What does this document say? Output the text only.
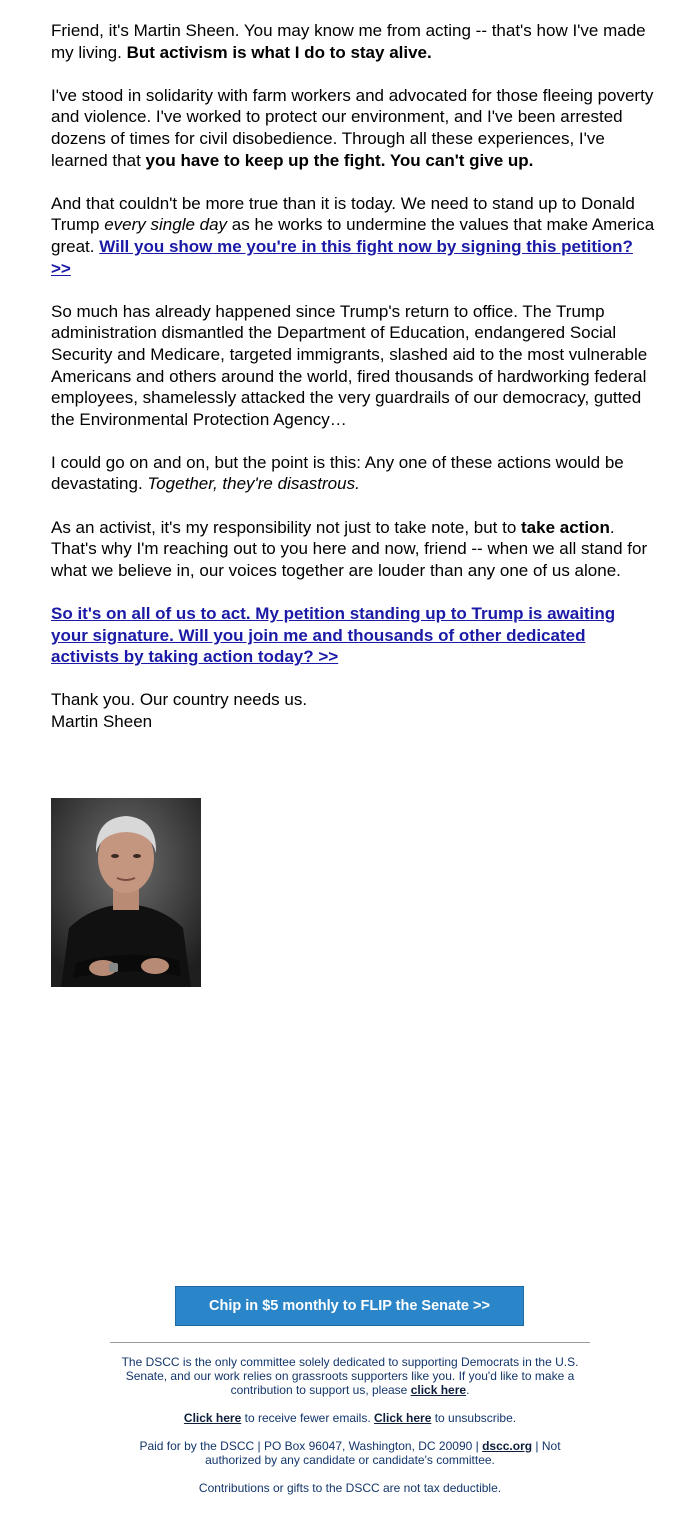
Friend, it's Martin Sheen. You may know me from acting -- that's how I've made my living. But activism is what I do to stay alive.

I've stood in solidarity with farm workers and advocated for those fleeing poverty and violence. I've worked to protect our environment, and I've been arrested dozens of times for civil disobedience. Through all these experiences, I've learned that you have to keep up the fight. You can't give up.

And that couldn't be more true than it is today. We need to stand up to Donald Trump every single day as he works to undermine the values that make America great. Will you show me you're in this fight now by signing this petition? >>

So much has already happened since Trump's return to office. The Trump administration dismantled the Department of Education, endangered Social Security and Medicare, targeted immigrants, slashed aid to the most vulnerable Americans and others around the world, fired thousands of hardworking federal employees, shamelessly attacked the very guardrails of our democracy, gutted the Environmental Protection Agency…

I could go on and on, but the point is this: Any one of these actions would be devastating. Together, they're disastrous.

As an activist, it's my responsibility not just to take note, but to take action. That's why I'm reaching out to you here and now, friend -- when we all stand for what we believe in, our voices together are louder than any one of us alone.

So it's on all of us to act. My petition standing up to Trump is awaiting your signature. Will you join me and thousands of other dedicated activists by taking action today? >>

Thank you. Our country needs us.
Martin Sheen

Chip in $5 monthly to FLIP the Senate >>

The DSCC is the only committee solely dedicated to supporting Democrats in the U.S. Senate, and our work relies on grassroots supporters like you. If you'd like to make a contribution to support us, please click here.

Click here to receive fewer emails. Click here to unsubscribe.

Paid for by the DSCC | PO Box 96047, Washington, DC 20090 | dscc.org | Not authorized by any candidate or candidate's committee.

Contributions or gifts to the DSCC are not tax deductible.
